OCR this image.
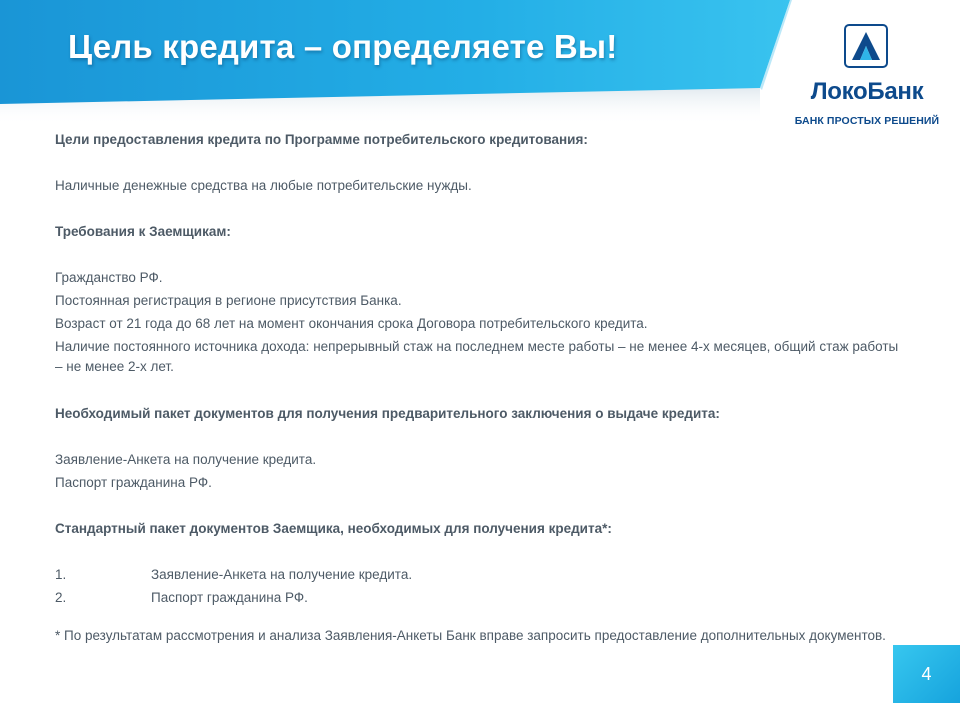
Цель кредита – определяете Вы!
ЛокоБанк
БАНК ПРОСТЫХ РЕШЕНИЙ
Цели предоставления кредита по Программе потребительского кредитования:
Наличные денежные средства на любые потребительские нужды.
Требования к Заемщикам:
Гражданство РФ.
Постоянная регистрация в регионе присутствия Банка.
Возраст от 21 года до 68 лет на момент окончания срока Договора потребительского кредита.
Наличие постоянного источника дохода: непрерывный стаж на последнем месте работы – не менее 4-х месяцев, общий стаж работы – не менее 2-х лет.
Необходимый пакет документов для получения предварительного заключения о выдаче кредита:
Заявление-Анкета на получение кредита.
Паспорт гражданина РФ.
Стандартный пакет документов Заемщика, необходимых для получения кредита*:
1.	Заявление-Анкета на получение кредита.
2.	Паспорт гражданина РФ.
* По результатам рассмотрения и анализа Заявления-Анкеты Банк вправе запросить предоставление дополнительных документов.
4
